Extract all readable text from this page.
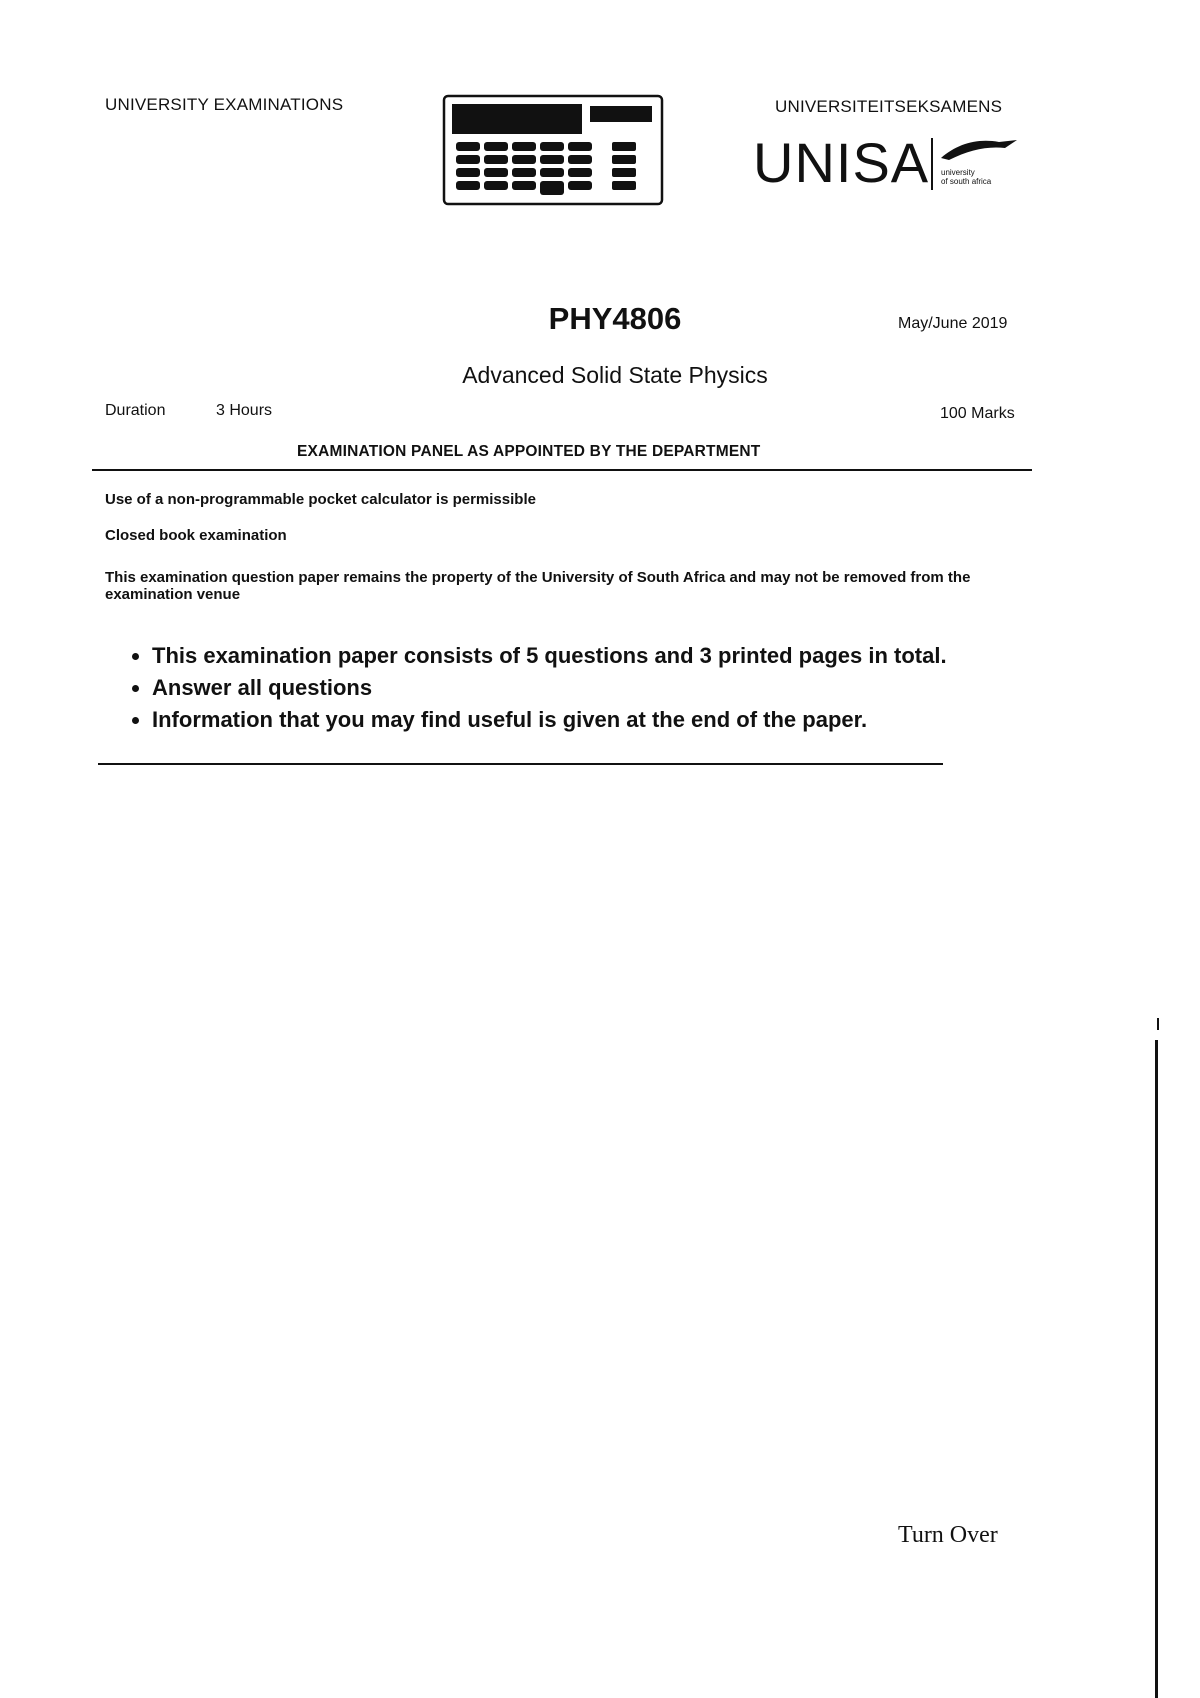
UNIVERSITY EXAMINATIONS	UNIVERSITEITSEKSAMENS
UNISA university
of south africa
PHY4806	May/June 2019
Advanced Solid State Physics
Duration	3 Hours	100 Marks
EXAMINATION PANEL AS APPOINTED BY THE DEPARTMENT
Use of a non-programmable pocket calculator is permissible
Closed book examination
This examination question paper remains the property of the University of South Africa and may not be removed from the examination venue
• This examination paper consists of 5 questions and 3 printed pages in total.
• Answer all questions
• Information that you may find useful is given at the end of the paper.
Turn Over
